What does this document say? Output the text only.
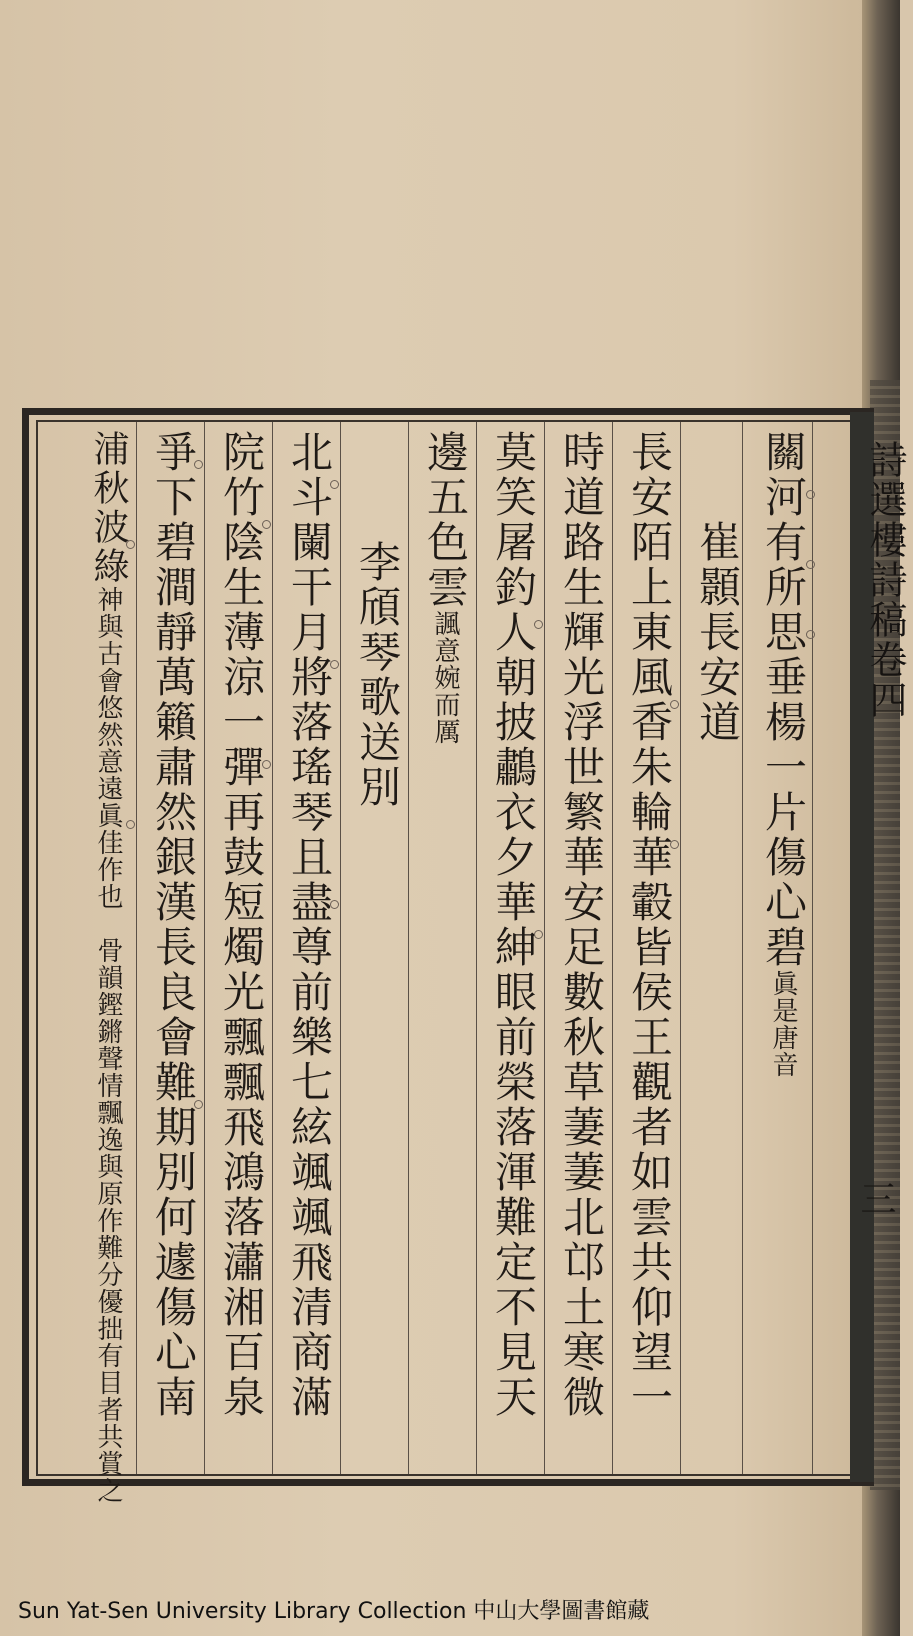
詩選樓詩稿卷四
三
關河有所思垂楊一片傷心碧眞是唐音
崔顥長安道
長安陌上東風香朱輪華轂皆侯王觀者如雲共仰望一
時道路生輝光浮世繁華安足數秋草萋萋北邙土寒微
莫笑屠釣人朝披鷫衣夕華紳眼前榮落渾難定不見天
邊五色雲諷意婉而厲
李頎琴歌送別
北斗闌干月將落瑤琴且盡尊前樂七絃颯颯飛清商滿
院竹陰生薄涼一彈再鼓短燭光飄飄飛鴻落瀟湘百泉
爭下碧澗靜萬籟肅然銀漢長良會難期別何遽傷心南
浦秋波綠神與古會悠然意遠眞佳作也　骨韻鏗鏘聲情飄逸與原作難分優拙有目者共賞之
Sun Yat-Sen University Library Collection 中山大學圖書館藏
